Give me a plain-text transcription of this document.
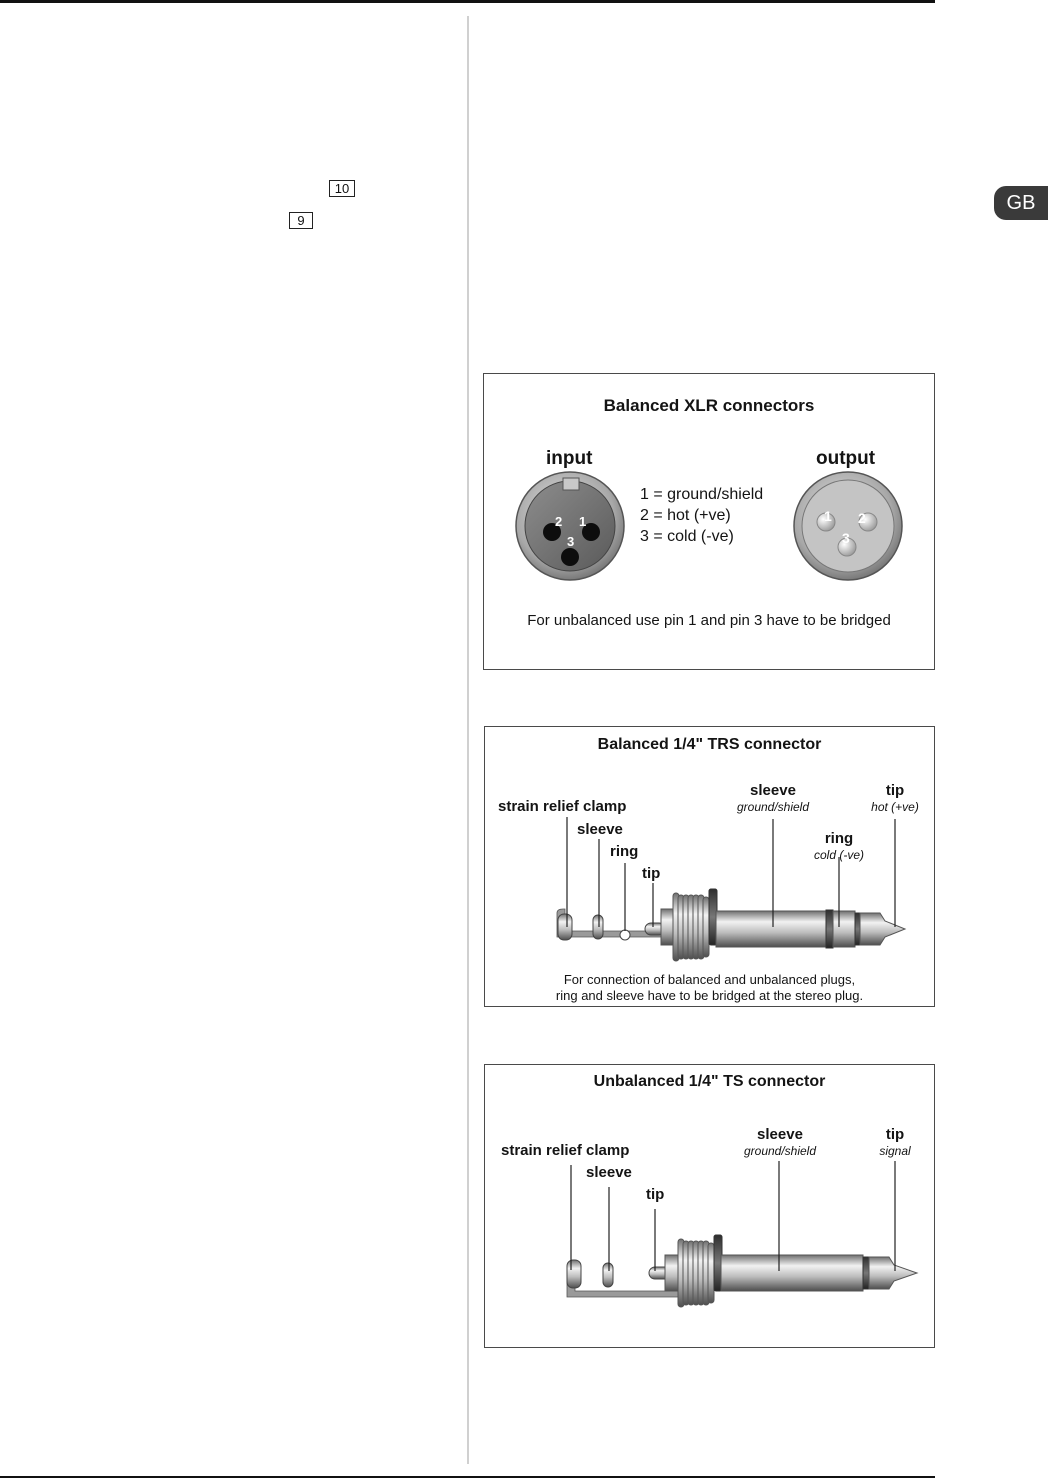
10
9
GB
Balanced XLR connectors
input	output
1 = ground/shield
2 = hot (+ve)
3 = cold (-ve)
2 1
3
1 2
3
For unbalanced use pin 1 and pin 3 have to be bridged
Balanced 1/4" TRS connector
strain relief clamp
sleeve
ring
tip
sleeve
ground/shield
ring
cold (-ve)
tip
hot (+ve)
For connection of balanced and unbalanced plugs,
ring and sleeve have to be bridged at the stereo plug.
Unbalanced 1/4" TS connector
strain relief clamp
sleeve
tip
sleeve
ground/shield
tip
signal
